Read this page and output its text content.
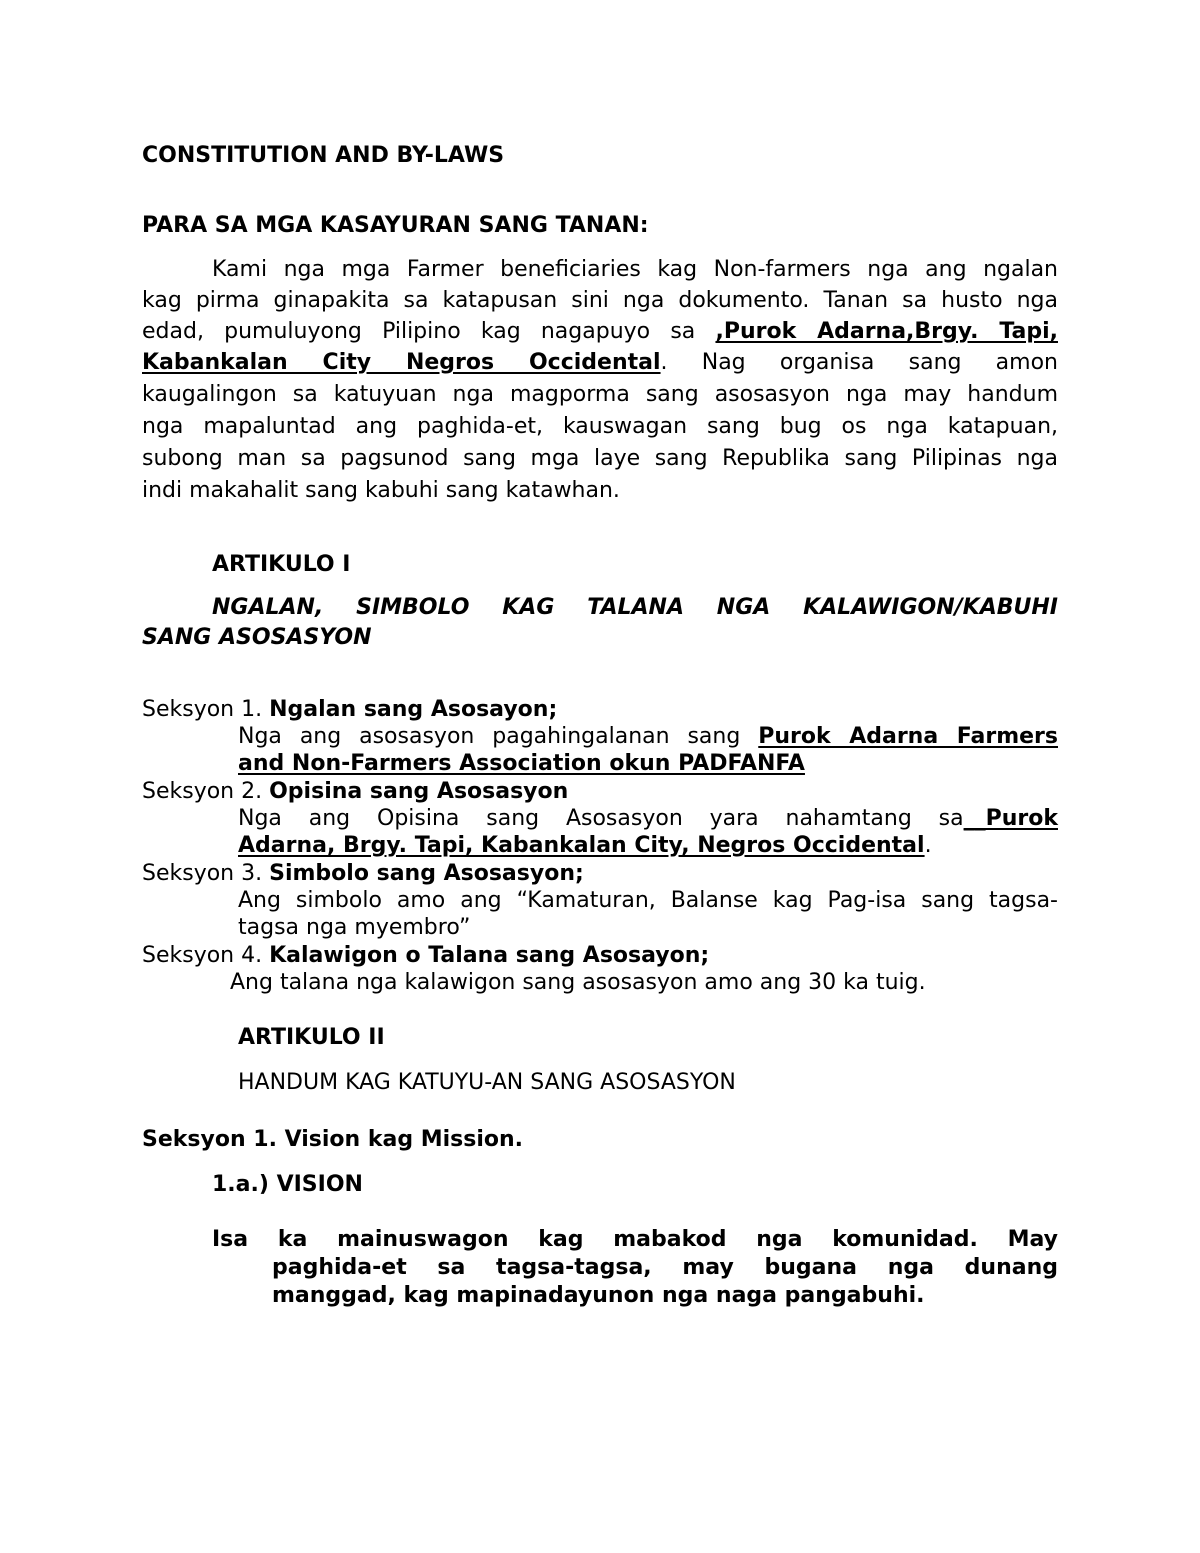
CONSTITUTION AND BY-LAWS
PARA SA MGA KASAYURAN SANG TANAN:
Kami nga mga Farmer beneficiaries kag Non-farmers nga ang ngalan
kag pirma ginapakita sa katapusan sini nga dokumento. Tanan sa husto nga
edad, pumuluyong Pilipino kag nagapuyo sa ,Purok Adarna,Brgy. Tapi,
Kabankalan City Negros Occidental. Nag organisa sang amon
kaugalingon sa katuyuan nga magporma sang asosasyon nga may handum
nga mapaluntad ang paghida-et, kauswagan sang bug os nga katapuan,
subong man sa pagsunod sang mga laye sang Republika sang Pilipinas nga
indi makahalit sang kabuhi sang katawhan.
ARTIKULO I
NGALAN, SIMBOLO KAG TALANA NGA KALAWIGON/KABUHI
SANG ASOSASYON
Seksyon 1. Ngalan sang Asosayon;
Nga ang asosasyon pagahingalanan sang Purok Adarna Farmers
and Non-Farmers Association okun PADFANFA
Seksyon 2. Opisina sang Asosasyon
Nga ang Opisina sang Asosasyon yara nahamtang sa__Purok
Adarna, Brgy. Tapi, Kabankalan City, Negros Occidental.
Seksyon 3. Simbolo sang Asosasyon;
Ang simbolo amo ang “Kamaturan, Balanse kag Pag-isa sang tagsa-
tagsa nga myembro”
Seksyon 4. Kalawigon o Talana sang Asosayon;
Ang talana nga kalawigon sang asosasyon amo ang 30 ka tuig.
ARTIKULO II
HANDUM KAG KATUYU-AN SANG ASOSASYON
Seksyon 1. Vision kag Mission.
1.a.) VISION
Isa ka mainuswagon kag mabakod nga komunidad. May
paghida-et sa tagsa-tagsa, may bugana nga dunang
manggad, kag mapinadayunon nga naga pangabuhi.
